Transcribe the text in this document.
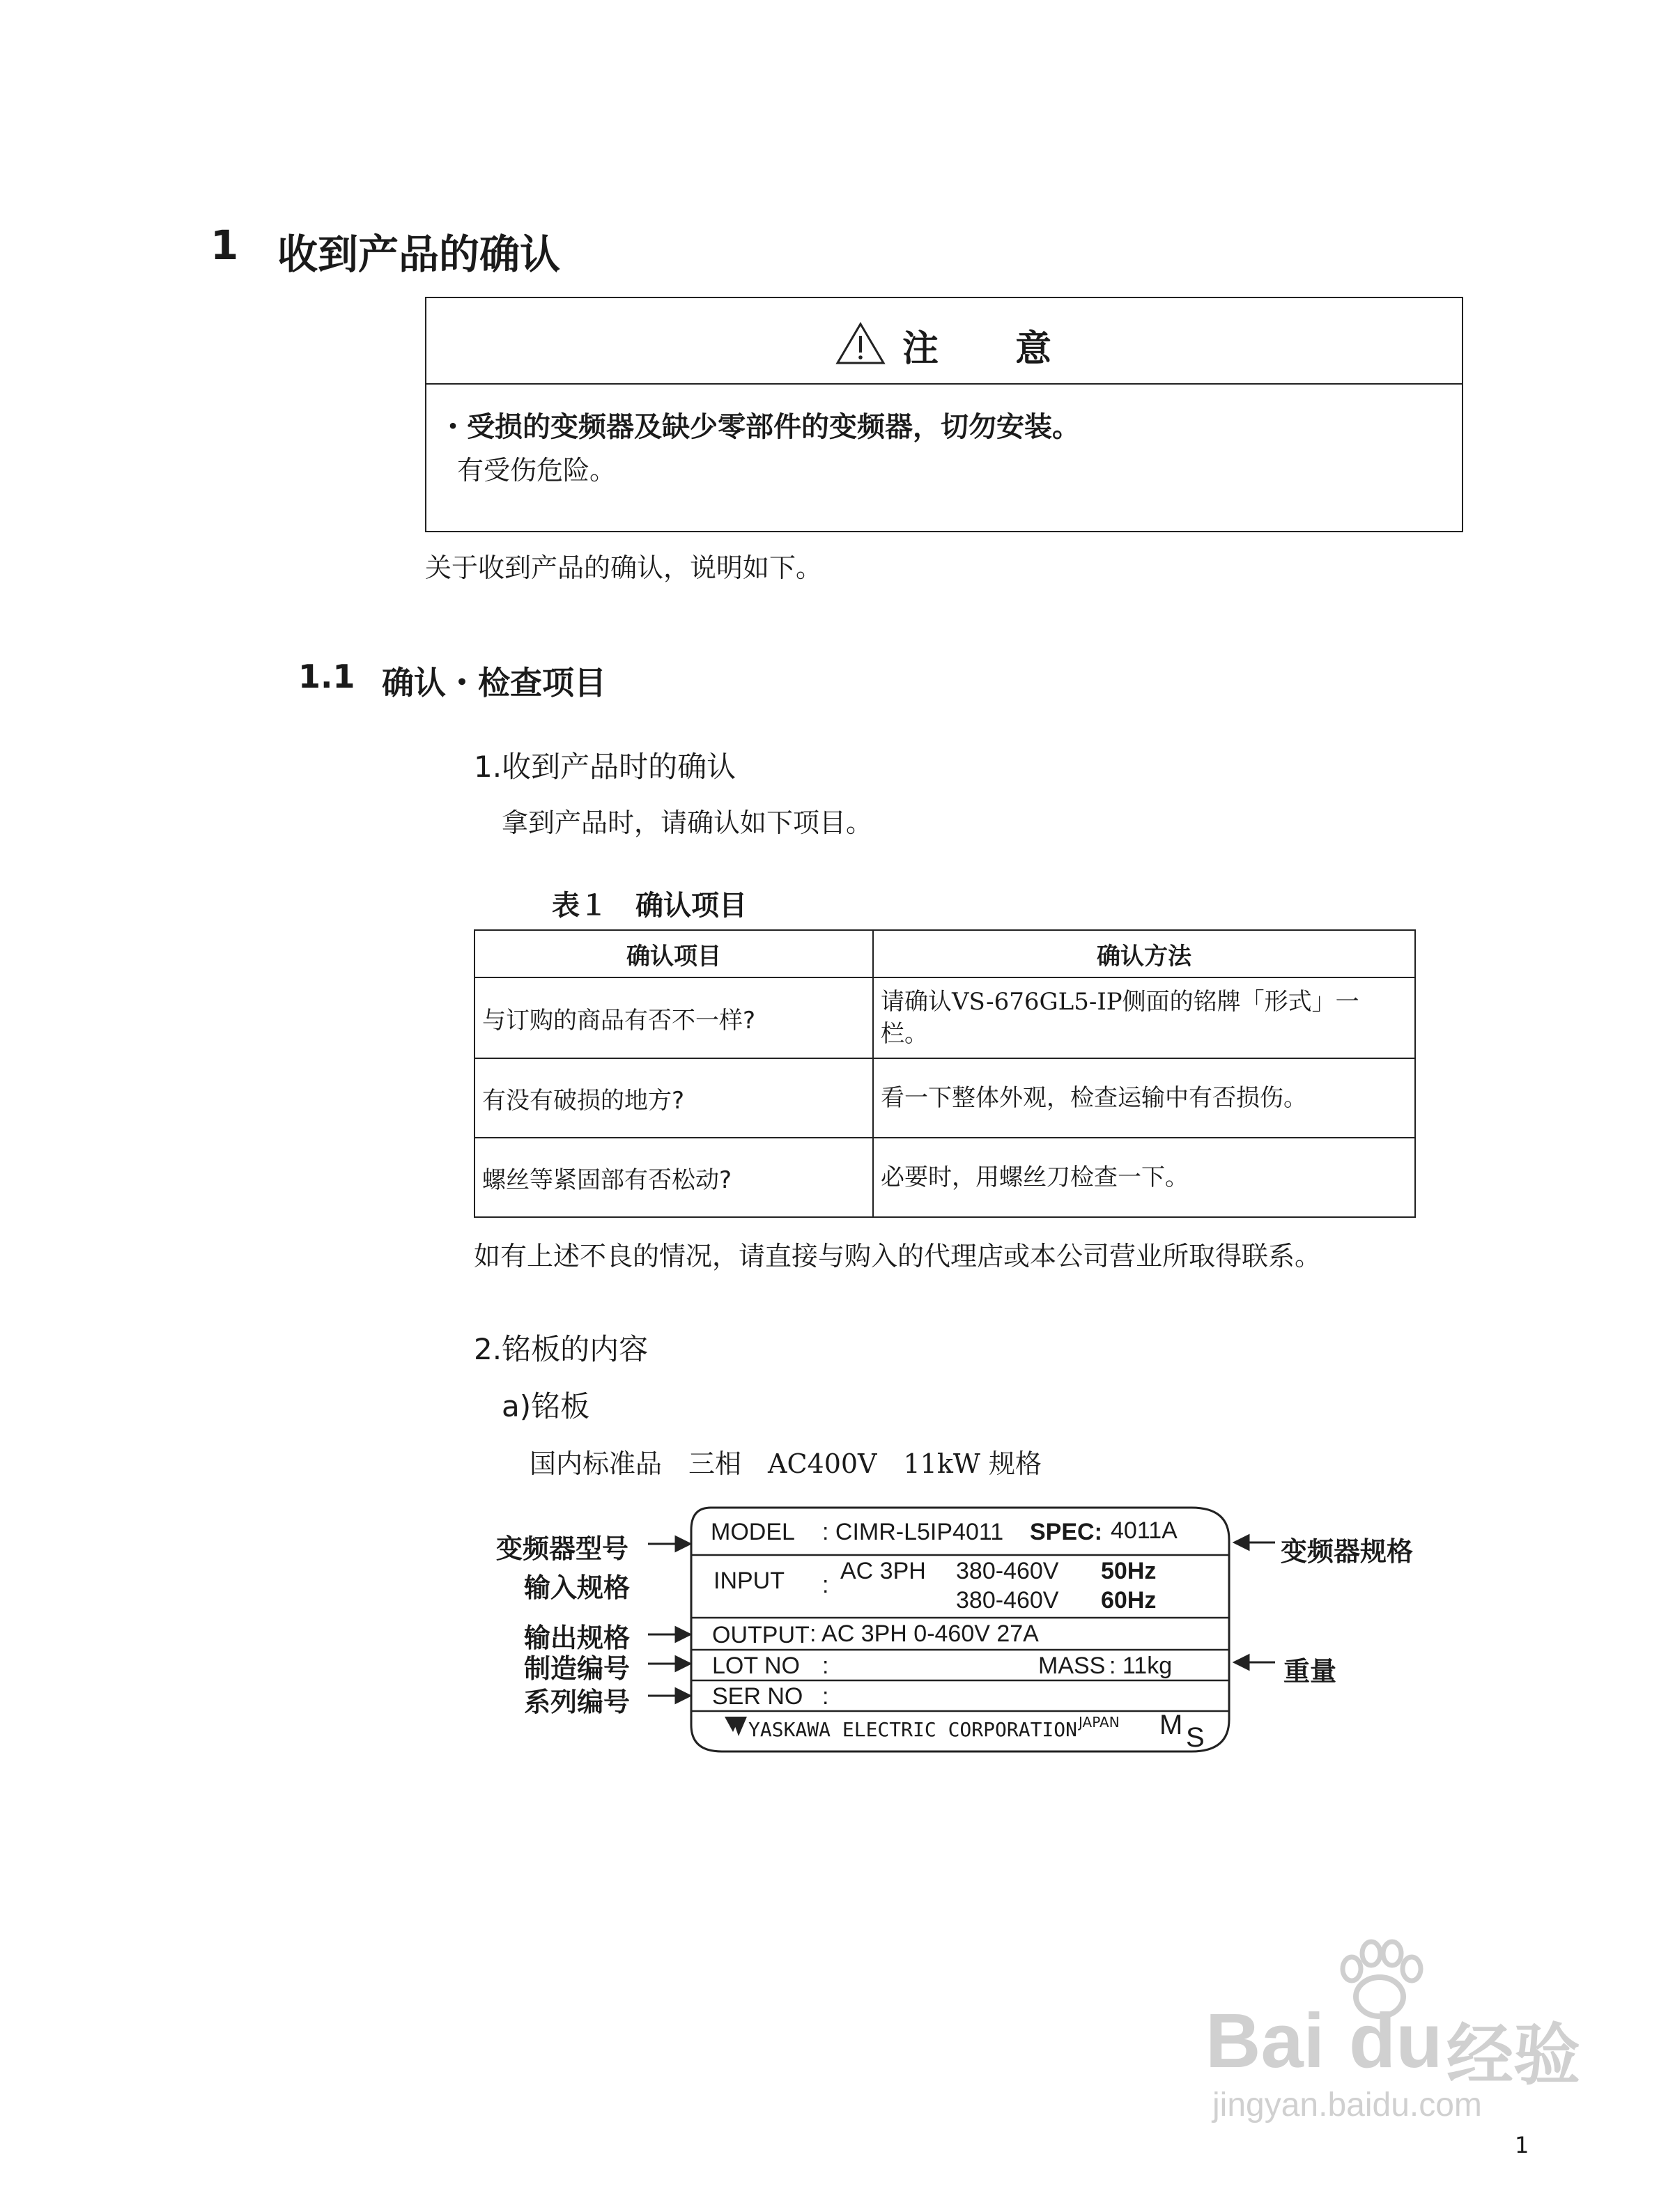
1 收到产品的确认
注　　意
・受损的变频器及缺少零部件的变频器，切勿安装。
有受伤危险。
关于收到产品的确认，说明如下。
1.1 确认・检查项目
1.收到产品时的确认
拿到产品时，请确认如下项目。
表１　确认项目
确认项目	确认方法
与订购的商品有否不一样?	请确认VS-676GL5-IP侧面的铭牌「形式」一
栏。

有没有破损的地方?	看一下整体外观，检查运输中有否损伤。

螺丝等紧固部有否松动?	必要时，用螺丝刀检查一下。
如有上述不良的情况，请直接与购入的代理店或本公司营业所取得联系。
2.铭板的内容
a)铭板
国内标准品　三相　AC400V　11kW 规格
变频器型号
输入规格
输出规格
制造编号
系列编号
变频器规格
重量
MODEL : CIMR-L5IP4011 SPEC: 4011A
INPUT :
AC 3PH 380-460V 50Hz
380-460V 60Hz
OUTPUT : AC 3PH 0-460V 27A
LOT NO :	MASS : 11kg
SER NO :
YASKAWA ELECTRIC CORPORATION JAPAN M S
Bai du 经验
jingyan.baidu.com
1
